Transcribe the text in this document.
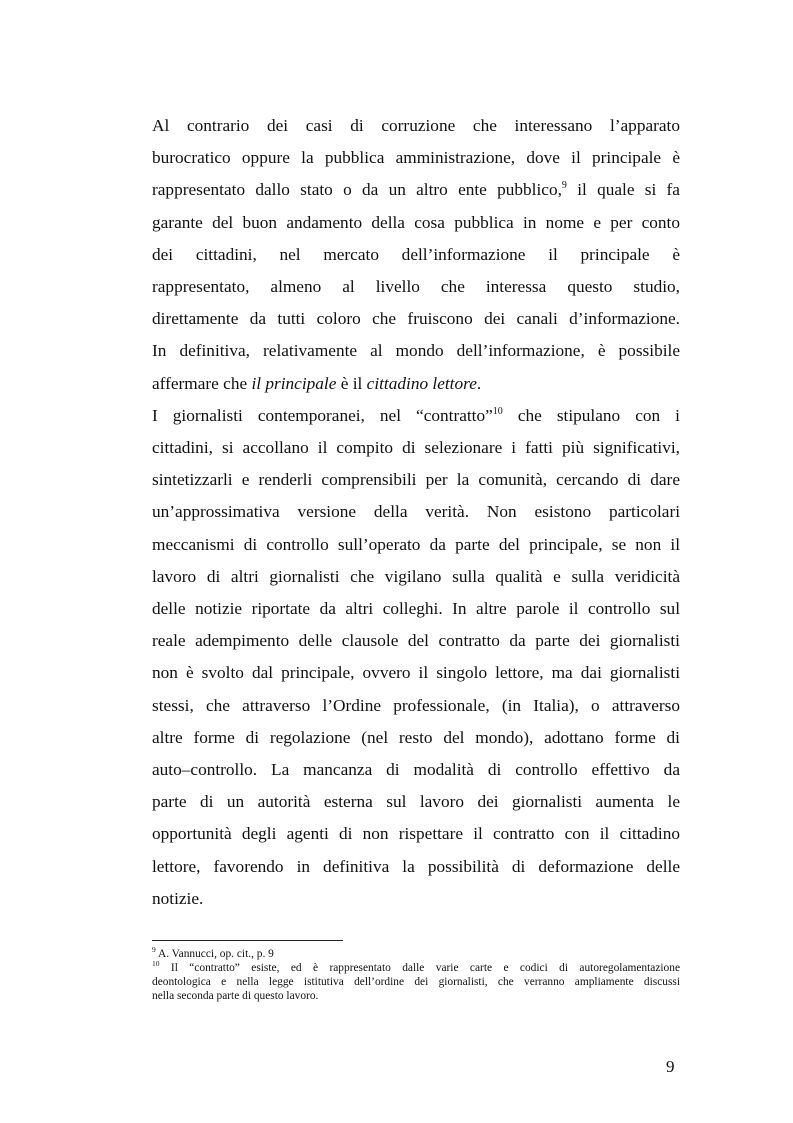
Al contrario dei casi di corruzione che interessano l’apparato
burocratico oppure la pubblica amministrazione, dove il principale è
rappresentato dallo stato o da un altro ente pubblico,$^9$ il quale si fa
garante del buon andamento della cosa pubblica in nome e per conto
dei cittadini, nel mercato dell’informazione il principale è
rappresentato, almeno al livello che interessa questo studio,
direttamente da tutti coloro che fruiscono dei canali d’informazione.
In definitiva, relativamente al mondo dell’informazione, è possibile
affermare che il principale è il cittadino lettore.

I giornalisti contemporanei, nel “contratto”$^{10}$ che stipulano con i
cittadini, si accollano il compito di selezionare i fatti più significativi,
sintetizzarli e renderli comprensibili per la comunità, cercando di dare
un’approssimativa versione della verità. Non esistono particolari
meccanismi di controllo sull’operato da parte del principale, se non il
lavoro di altri giornalisti che vigilano sulla qualità e sulla veridicità
delle notizie riportate da altri colleghi. In altre parole il controllo sul
reale adempimento delle clausole del contratto da parte dei giornalisti
non è svolto dal principale, ovvero il singolo lettore, ma dai giornalisti
stessi, che attraverso l’Ordine professionale, (in Italia), o attraverso
altre forme di regolazione (nel resto del mondo), adottano forme di
auto–controllo. La mancanza di modalità di controllo effettivo da
parte di un autorità esterna sul lavoro dei giornalisti aumenta le
opportunità degli agenti di non rispettare il contratto con il cittadino
lettore, favorendo in definitiva la possibilità di deformazione delle
notizie.

$^9$ A. Vannucci, op. cit., p. 9
$^{10}$ Il “contratto” esiste, ed è rappresentato dalle varie carte e codici di autoregolamentazione
deontologica e nella legge istitutiva dell’ordine dei giornalisti, che verranno ampliamente discussi
nella seconda parte di questo lavoro.
9
